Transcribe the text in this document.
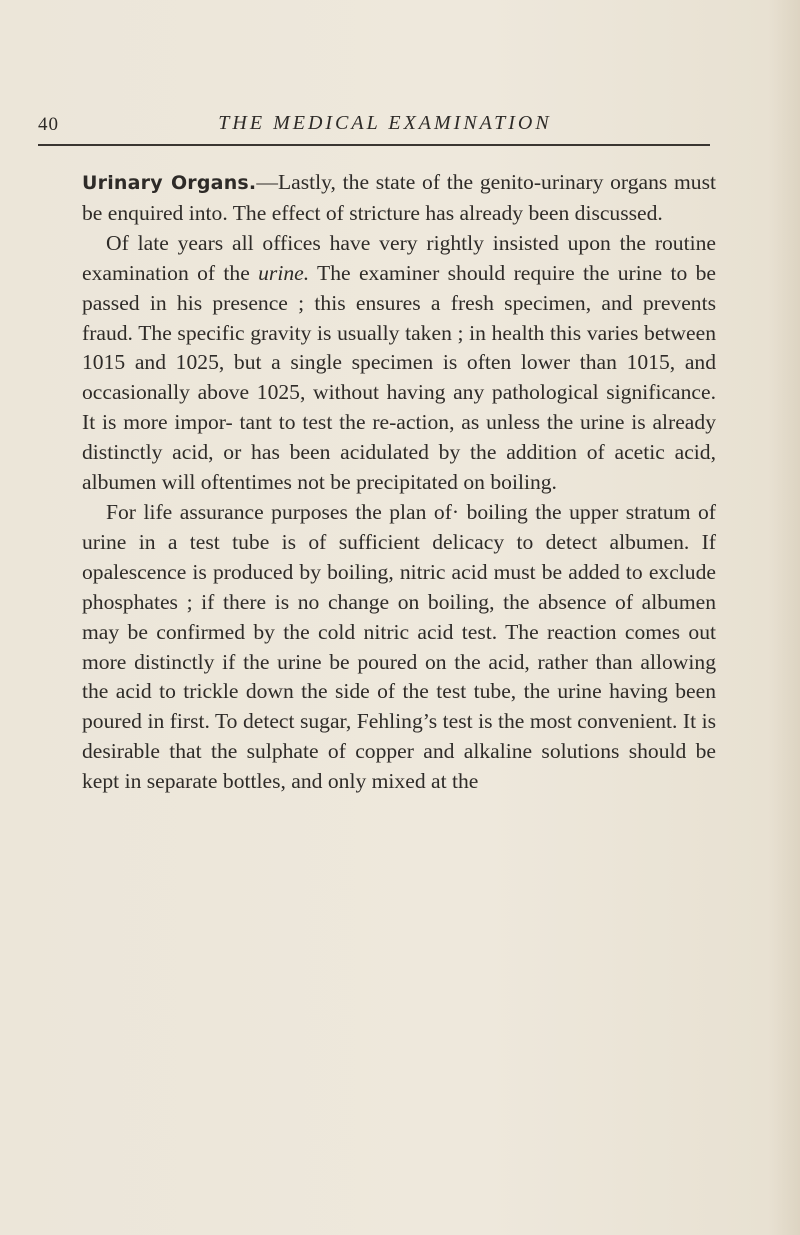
40	THE MEDICAL EXAMINATION

Urinary Organs.—Lastly, the state of the genito-urinary organs must be enquired into. The effect of stricture has already been discussed.

Of late years all offices have very rightly insisted upon the routine examination of the urine. The examiner should require the urine to be passed in his presence ; this ensures a fresh specimen, and prevents fraud. The specific gravity is usually taken ; in health this varies between 1015 and 1025, but a single specimen is often lower than 1015, and occasionally above 1025, without having any pathological significance. It is more impor- tant to test the re-action, as unless the urine is already distinctly acid, or has been acidulated by the addition of acetic acid, albumen will oftentimes not be precipitated on boiling.

For life assurance purposes the plan of· boiling the upper stratum of urine in a test tube is of sufficient delicacy to detect albumen. If opalescence is produced by boiling, nitric acid must be added to exclude phosphates ; if there is no change on boiling, the absence of albumen may be confirmed by the cold nitric acid test. The reaction comes out more distinctly if the urine be poured on the acid, rather than allowing the acid to trickle down the side of the test tube, the urine having been poured in first. To detect sugar, Fehling’s test is the most convenient. It is desirable that the sulphate of copper and alkaline solutions should be kept in separate bottles, and only mixed at the
